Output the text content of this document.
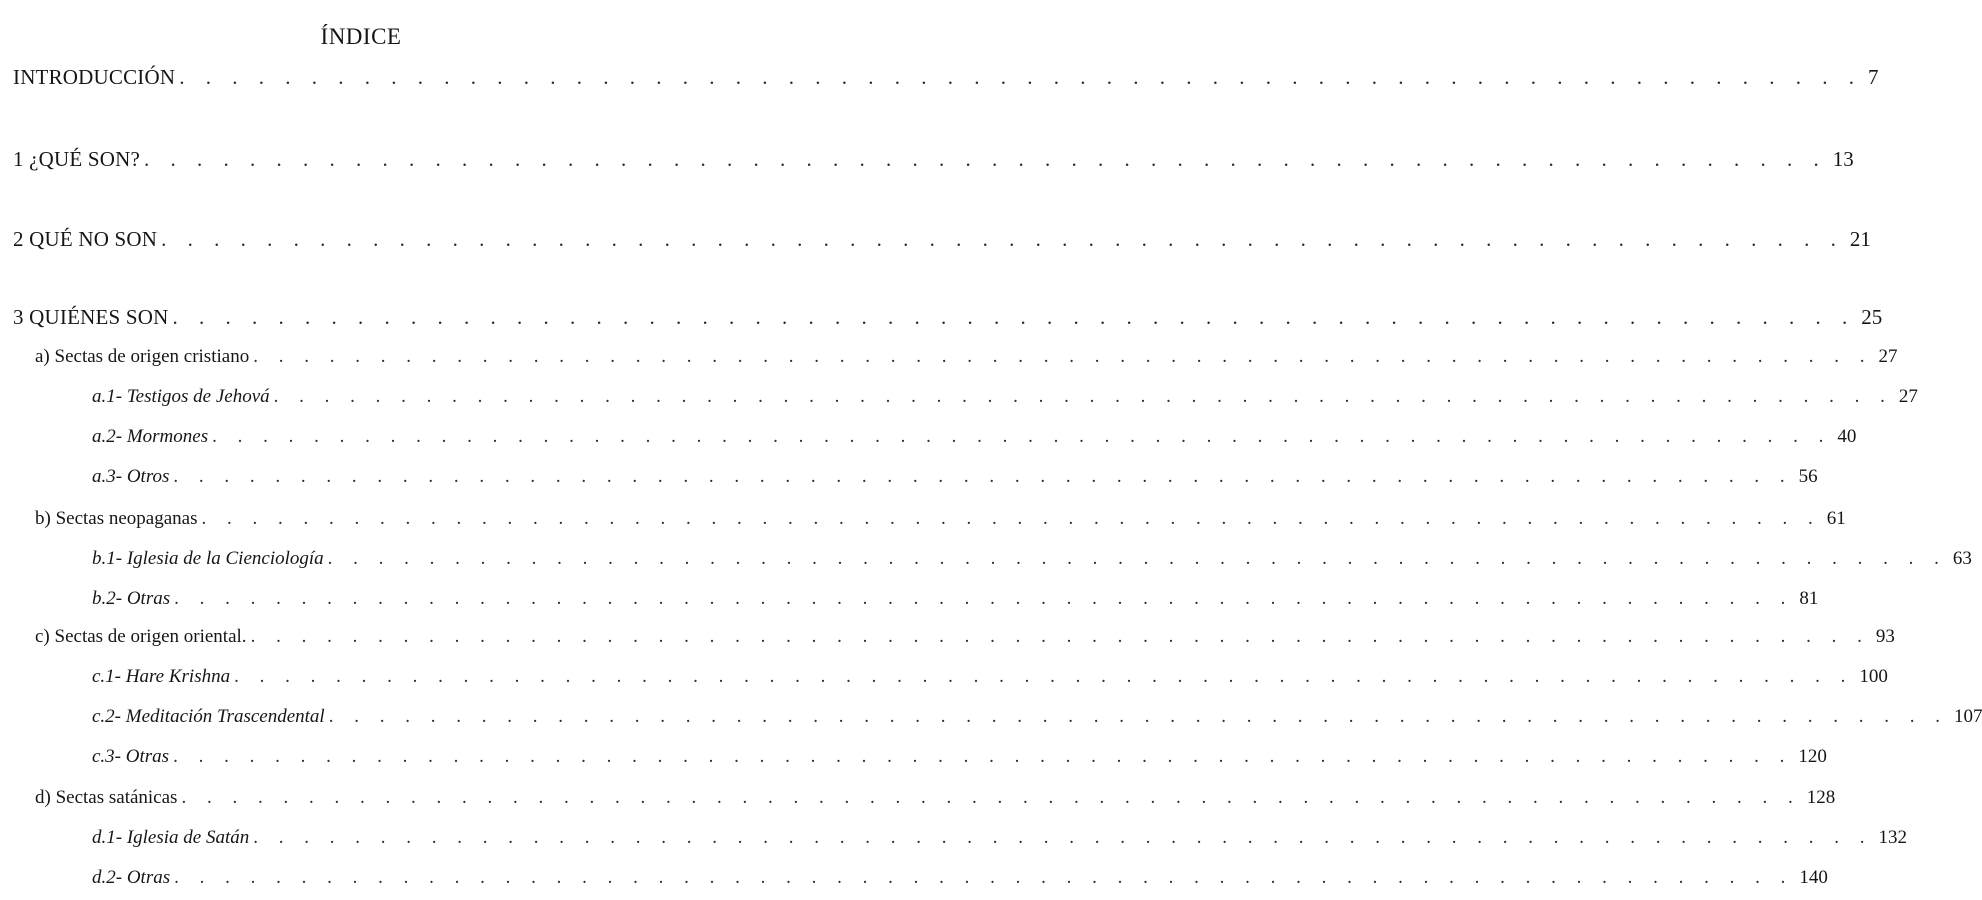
ÍNDICE
INTRODUCCIÓN . . . . . . . . . . . . . . . . . . . . . . . . . . . . . . . . . . . . . . . . . . . . . . . . . . . . . . . . . . . . . . . . 7
1 ¿QUÉ SON? . . . . . . . . . . . . . . . . . . . . . . . . . . . . . . . . . . . . . . . . . . . . . . . . . . . . . . . . . . . . . . . . 13
2 QUÉ NO SON . . . . . . . . . . . . . . . . . . . . . . . . . . . . . . . . . . . . . . . . . . . . . . . . . . . . . . . . . . . . . . . . 21
3 QUIÉNES SON . . . . . . . . . . . . . . . . . . . . . . . . . . . . . . . . . . . . . . . . . . . . . . . . . . . . . . . . . . . . . . . . 25
a) Sectas de origen cristiano . . . . . . . . . . . . . . . . . . . . . . . . . . . . . . . . . . . . . . . . . . . . . . . . . . . . . . . . . . . . . . . . 27
a.1- Testigos de Jehová . . . . . . . . . . . . . . . . . . . . . . . . . . . . . . . . . . . . . . . . . . . . . . . . . . . . . . . . . . . . . . . . 27
a.2- Mormones . . . . . . . . . . . . . . . . . . . . . . . . . . . . . . . . . . . . . . . . . . . . . . . . . . . . . . . . . . . . . . . . 40
a.3- Otros . . . . . . . . . . . . . . . . . . . . . . . . . . . . . . . . . . . . . . . . . . . . . . . . . . . . . . . . . . . . . . . . 56
b) Sectas neopaganas . . . . . . . . . . . . . . . . . . . . . . . . . . . . . . . . . . . . . . . . . . . . . . . . . . . . . . . . . . . . . . . . 61
b.1- Iglesia de la Cienciología . . . . . . . . . . . . . . . . . . . . . . . . . . . . . . . . . . . . . . . . . . . . . . . . . . . . . . . . . . . . . . . . 63
b.2- Otras . . . . . . . . . . . . . . . . . . . . . . . . . . . . . . . . . . . . . . . . . . . . . . . . . . . . . . . . . . . . . . . . 81
c) Sectas de origen oriental. . . . . . . . . . . . . . . . . . . . . . . . . . . . . . . . . . . . . . . . . . . . . . . . . . . . . . . . . . . . . . . . . 93
c.1- Hare Krishna . . . . . . . . . . . . . . . . . . . . . . . . . . . . . . . . . . . . . . . . . . . . . . . . . . . . . . . . . . . . . . . . 100
c.2- Meditación Trascendental . . . . . . . . . . . . . . . . . . . . . . . . . . . . . . . . . . . . . . . . . . . . . . . . . . . . . . . . . . . . . . . . 107
c.3- Otras . . . . . . . . . . . . . . . . . . . . . . . . . . . . . . . . . . . . . . . . . . . . . . . . . . . . . . . . . . . . . . . . 120
d) Sectas satánicas . . . . . . . . . . . . . . . . . . . . . . . . . . . . . . . . . . . . . . . . . . . . . . . . . . . . . . . . . . . . . . . . 128
d.1- Iglesia de Satán . . . . . . . . . . . . . . . . . . . . . . . . . . . . . . . . . . . . . . . . . . . . . . . . . . . . . . . . . . . . . . . . 132
d.2- Otras . . . . . . . . . . . . . . . . . . . . . . . . . . . . . . . . . . . . . . . . . . . . . . . . . . . . . . . . . . . . . . . . 140
